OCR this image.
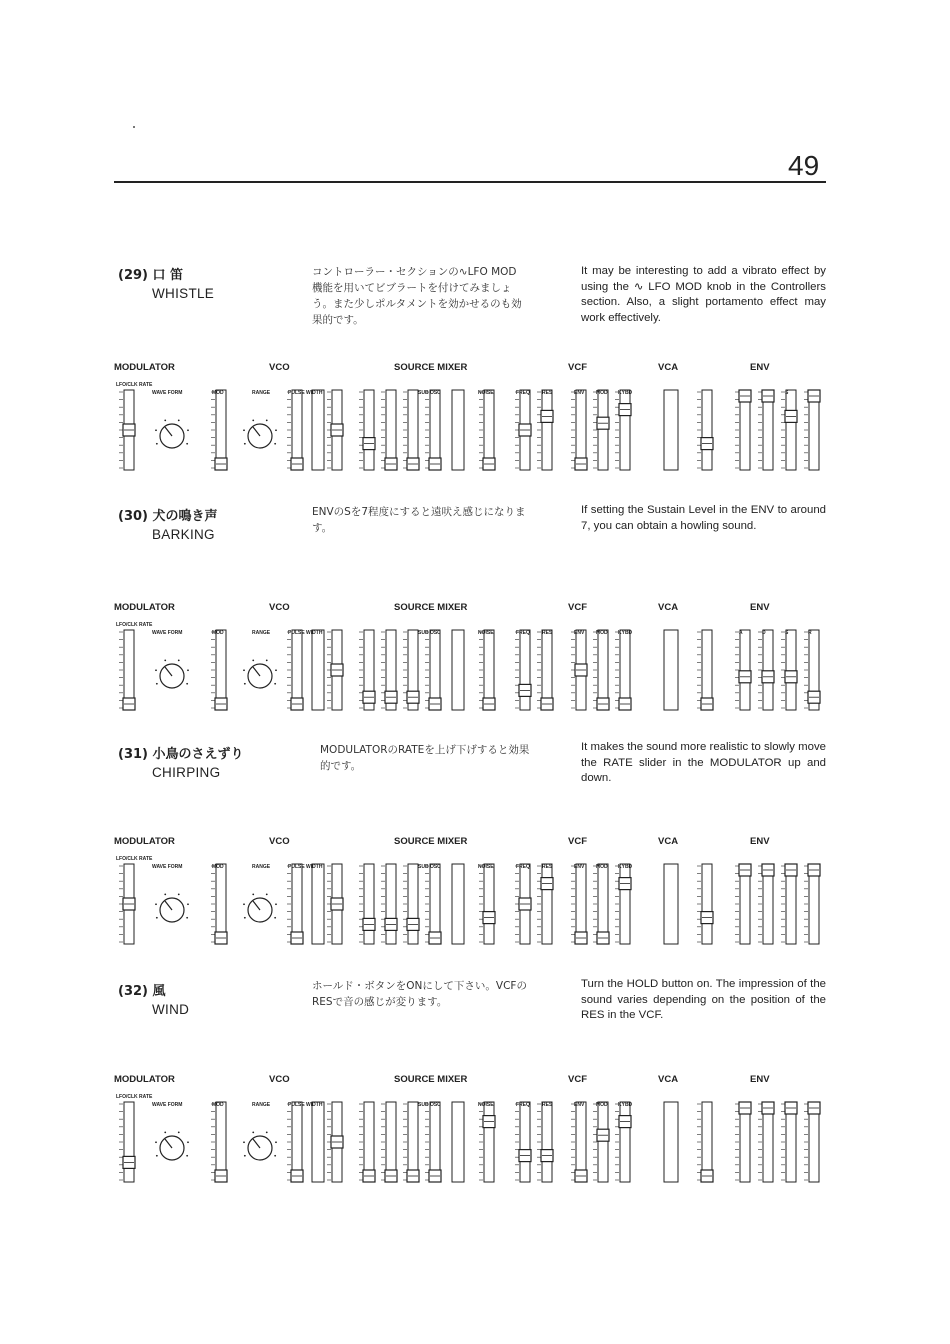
49
(29) 口 笛
WHISTLE
コントローラー・セクションの∿LFO MOD 機能を用いてビブラートを付けてみましょう。また少しポルタメントを効かせるのも効果的です。
It may be interesting to add a vibrato effect by using the ∿ LFO MOD knob in the Controllers section. Also, a slight portamento effect may work effectively.
MODULATOR	VCO	SOURCE MIXER	VCF	VCA	ENV
LFO/CLK RATE
WAVE FORM	MOD	RANGE	PULSE WIDTH	SUB OSC	NOISE	FREQ RES	ENV MOD KYBD	S
(30) 犬の鳴き声
BARKING
ENVのSを7程度にすると遠吠え感じになります。
If setting the Sustain Level in the ENV to around 7, you can obtain a howling sound.
MODULATOR	VCO	SOURCE MIXER	VCF	VCA	ENV
LFO/CLK RATE
WAVE FORM	MOD	RANGE	PULSE WIDTH	SUB OSC	NOISE	FREQ RES	ENV MOD KYBD	A	D	S	R
(31) 小鳥のさえずり
CHIRPING
MODULATORのRATEを上げ下げすると効果的です。
It makes the sound more realistic to slowly move the RATE slider in the MODULATOR up and down.
MODULATOR	VCO	SOURCE MIXER	VCF	VCA	ENV
LFO/CLK RATE
WAVE FORM	MOD	RANGE	PULSE WIDTH	SUB OSC	NOISE	FREQ RES	ENV MOD KYBD
(32) 風
WIND
ホールド・ボタンをONにして下さい。VCFのRESで音の感じが変ります。
Turn the HOLD button on. The impression of the sound varies depending on the position of the RES in the VCF.
MODULATOR	VCO	SOURCE MIXER	VCF	VCA	ENV
LFO/CLK RATE
WAVE FORM	MOD	RANGE	PULSE WIDTH	SUB OSC	NOISE	FREQ RES	ENV MOD KYBD
